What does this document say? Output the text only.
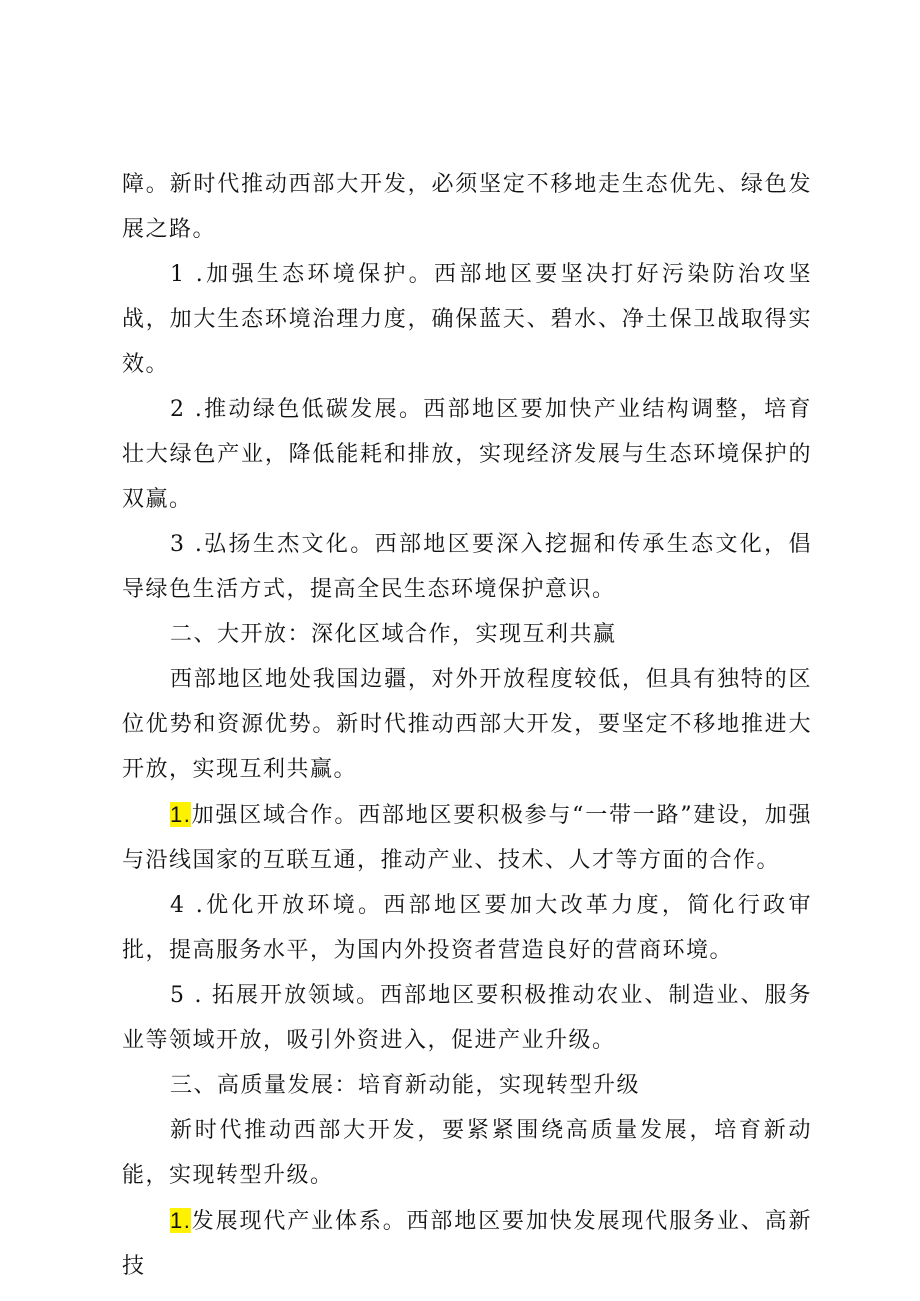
障。新时代推动西部大开发，必须坚定不移地走生态优先、绿色发展之路。

1 .加强生态环境保护。西部地区要坚决打好污染防治攻坚战，加大生态环境治理力度，确保蓝天、碧水、净土保卫战取得实效。

2 .推动绿色低碳发展。西部地区要加快产业结构调整，培育壮大绿色产业，降低能耗和排放，实现经济发展与生态环境保护的双赢。

3 .弘扬生杰文化。西部地区要深入挖掘和传承生态文化，倡导绿色生活方式，提高全民生态环境保护意识。

二、大开放：深化区域合作，实现互利共赢

西部地区地处我国边疆，对外开放程度较低，但具有独特的区位优势和资源优势。新时代推动西部大开发，要坚定不移地推进大开放，实现互利共赢。

1.加强区域合作。西部地区要积极参与“一带一路”建设，加强与沿线国家的互联互通，推动产业、技术、人才等方面的合作。

4 .优化开放环境。西部地区要加大改革力度，简化行政审批，提高服务水平，为国内外投资者营造良好的营商环境。

5 . 拓展开放领域。西部地区要积极推动农业、制造业、服务业等领域开放，吸引外资进入，促进产业升级。

三、高质量发展：培育新动能，实现转型升级

新时代推动西部大开发，要紧紧围绕高质量发展，培育新动能，实现转型升级。

1.发展现代产业体系。西部地区要加快发展现代服务业、高新技
